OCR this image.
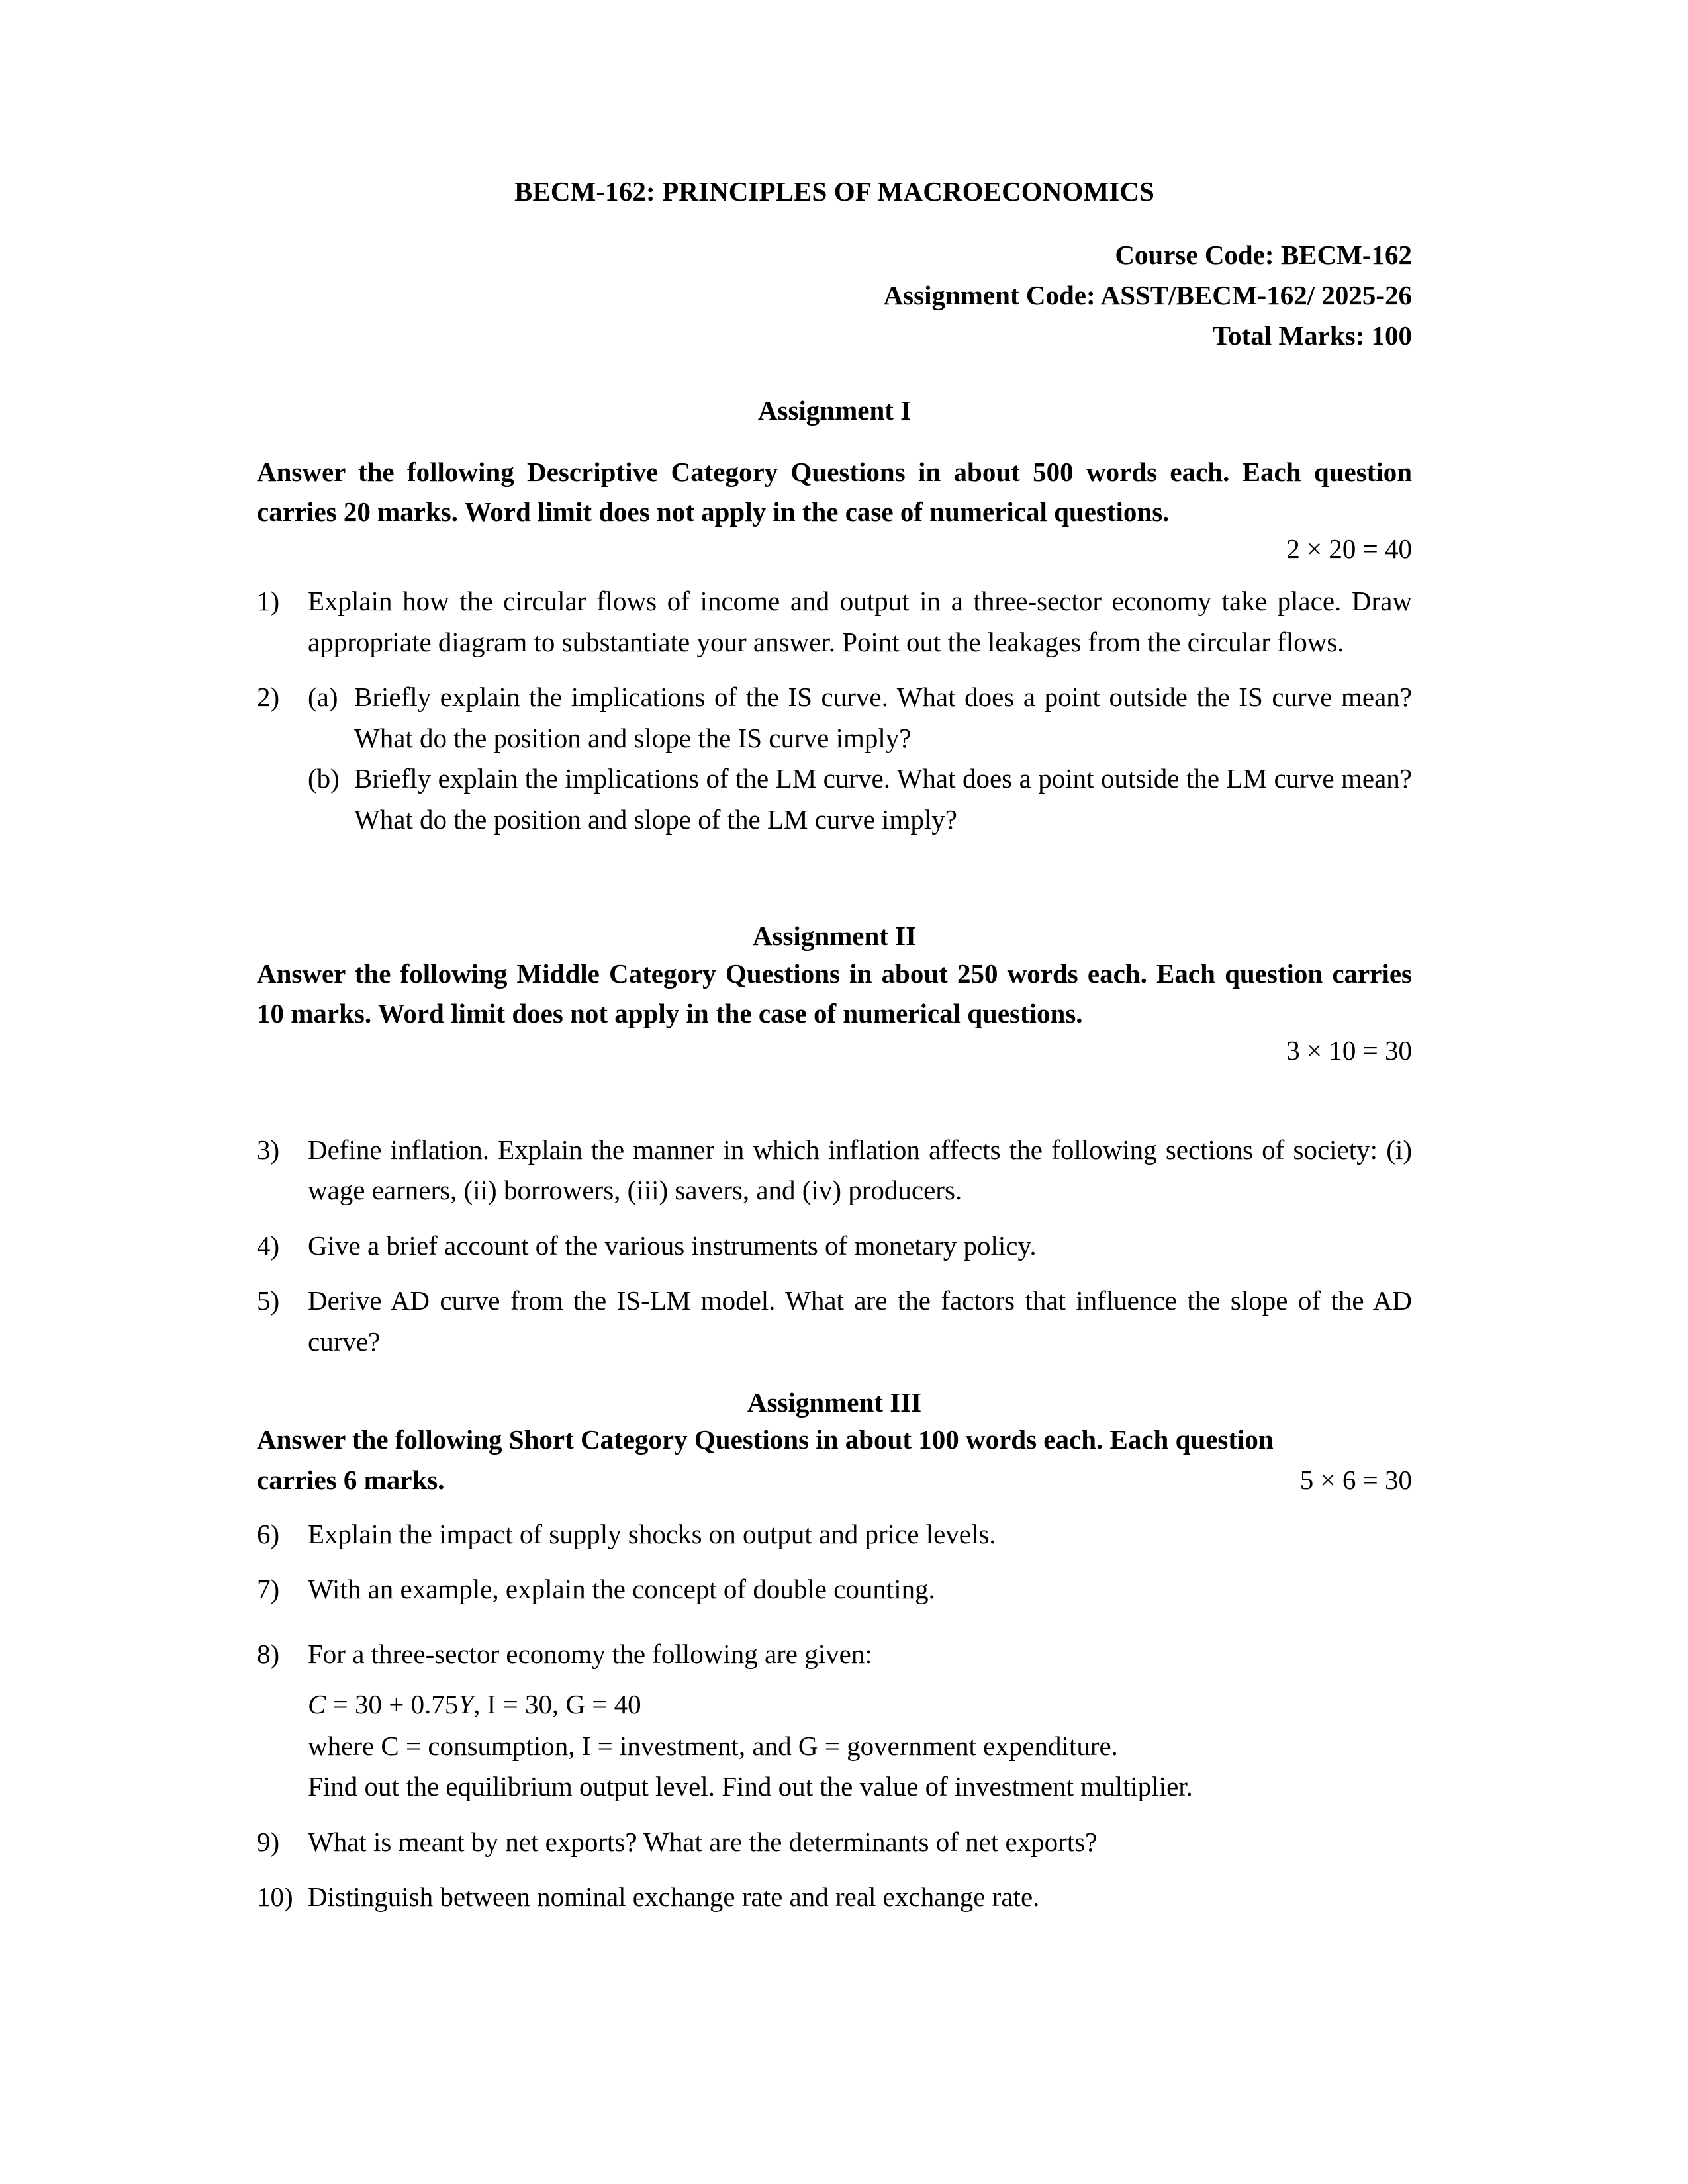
BECM-162: PRINCIPLES OF MACROECONOMICS
Course Code: BECM-162
Assignment Code: ASST/BECM-162/ 2025-26
Total Marks: 100
Assignment I
Answer the following Descriptive Category Questions in about 500 words each. Each question carries 20 marks. Word limit does not apply in the case of numerical questions.
2 × 20 = 40
1)	Explain how the circular flows of income and output in a three-sector economy take place. Draw appropriate diagram to substantiate your answer. Point out the leakages from the circular flows.
2)	(a) Briefly explain the implications of the IS curve. What does a point outside the IS curve mean? What do the position and slope the IS curve imply?
(b) Briefly explain the implications of the LM curve. What does a point outside the LM curve mean? What do the position and slope of the LM curve imply?
Assignment II
Answer the following Middle Category Questions in about 250 words each. Each question carries 10 marks. Word limit does not apply in the case of numerical questions.
3 × 10 = 30
3)	Define inflation. Explain the manner in which inflation affects the following sections of society: (i) wage earners, (ii) borrowers, (iii) savers, and (iv) producers.
4)	Give a brief account of the various instruments of monetary policy.
5)	Derive AD curve from the IS-LM model. What are the factors that influence the slope of the AD curve?
Assignment III
Answer the following Short Category Questions in about 100 words each. Each question
carries 6 marks.	5 × 6 = 30
6)	Explain the impact of supply shocks on output and price levels.
7)	With an example, explain the concept of double counting.
8)	For a three-sector economy the following are given:
C = 30 + 0.75Y, I = 30, G = 40
where C = consumption, I = investment, and G = government expenditure.
Find out the equilibrium output level. Find out the value of investment multiplier.
9)	What is meant by net exports? What are the determinants of net exports?
10) Distinguish between nominal exchange rate and real exchange rate.
